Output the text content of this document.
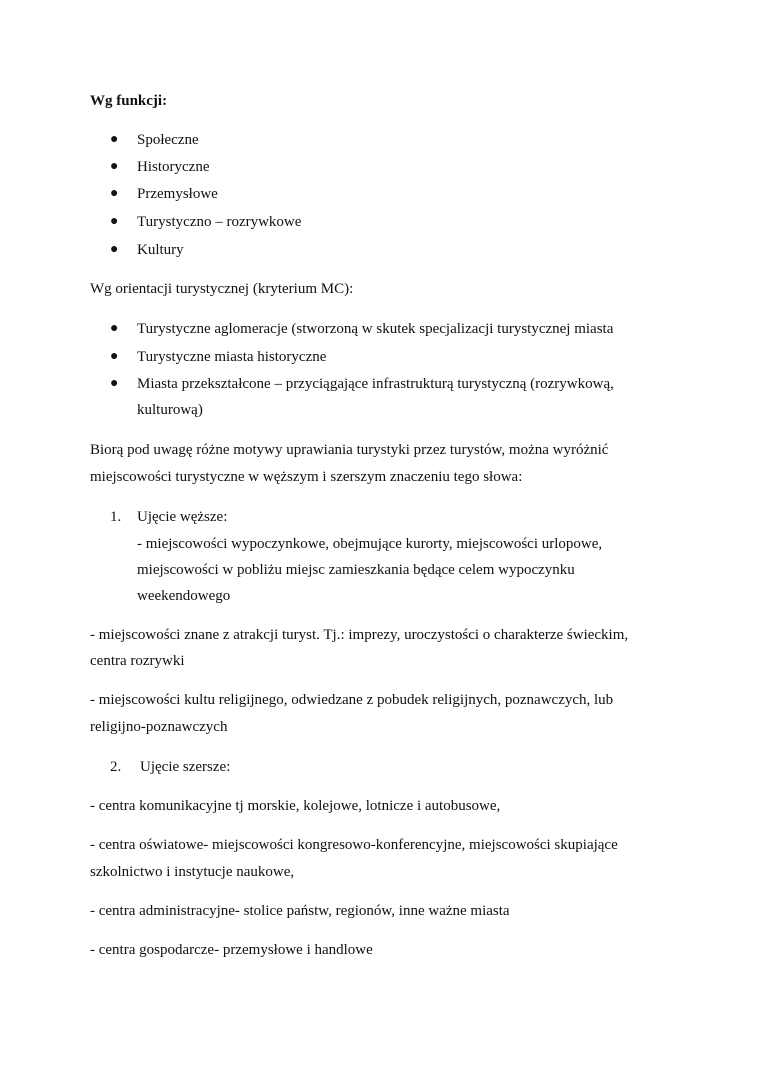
Wg funkcji:
● Społeczne
● Historyczne
● Przemysłowe
● Turystyczno – rozrywkowe
● Kultury
Wg orientacji turystycznej (kryterium MC):
● Turystyczne aglomeracje (stworzoną w skutek specjalizacji turystycznej miasta
● Turystyczne miasta historyczne
● Miasta przekształcone – przyciągające infrastrukturą turystyczną (rozrywkową,
kulturową)
Biorą pod uwagę różne motywy uprawiania turystyki przez turystów, można wyróżnić
miejscowości turystyczne w węższym i szerszym znaczeniu tego słowa:
1. Ujęcie węższe:
- miejscowości wypoczynkowe, obejmujące kurorty, miejscowości urlopowe,
miejscowości w pobliżu miejsc zamieszkania będące celem wypoczynku
weekendowego
- miejscowości znane z atrakcji turyst. Tj.: imprezy, uroczystości o charakterze świeckim,
centra rozrywki
- miejscowości kultu religijnego, odwiedzane z pobudek religijnych, poznawczych, lub
religijno-poznawczych
2. Ujęcie szersze:
- centra komunikacyjne tj morskie, kolejowe, lotnicze i autobusowe,
- centra oświatowe- miejscowości kongresowo-konferencyjne, miejscowości skupiające
szkolnictwo i instytucje naukowe,
- centra administracyjne- stolice państw, regionów, inne ważne miasta
- centra gospodarcze- przemysłowe i handlowe
